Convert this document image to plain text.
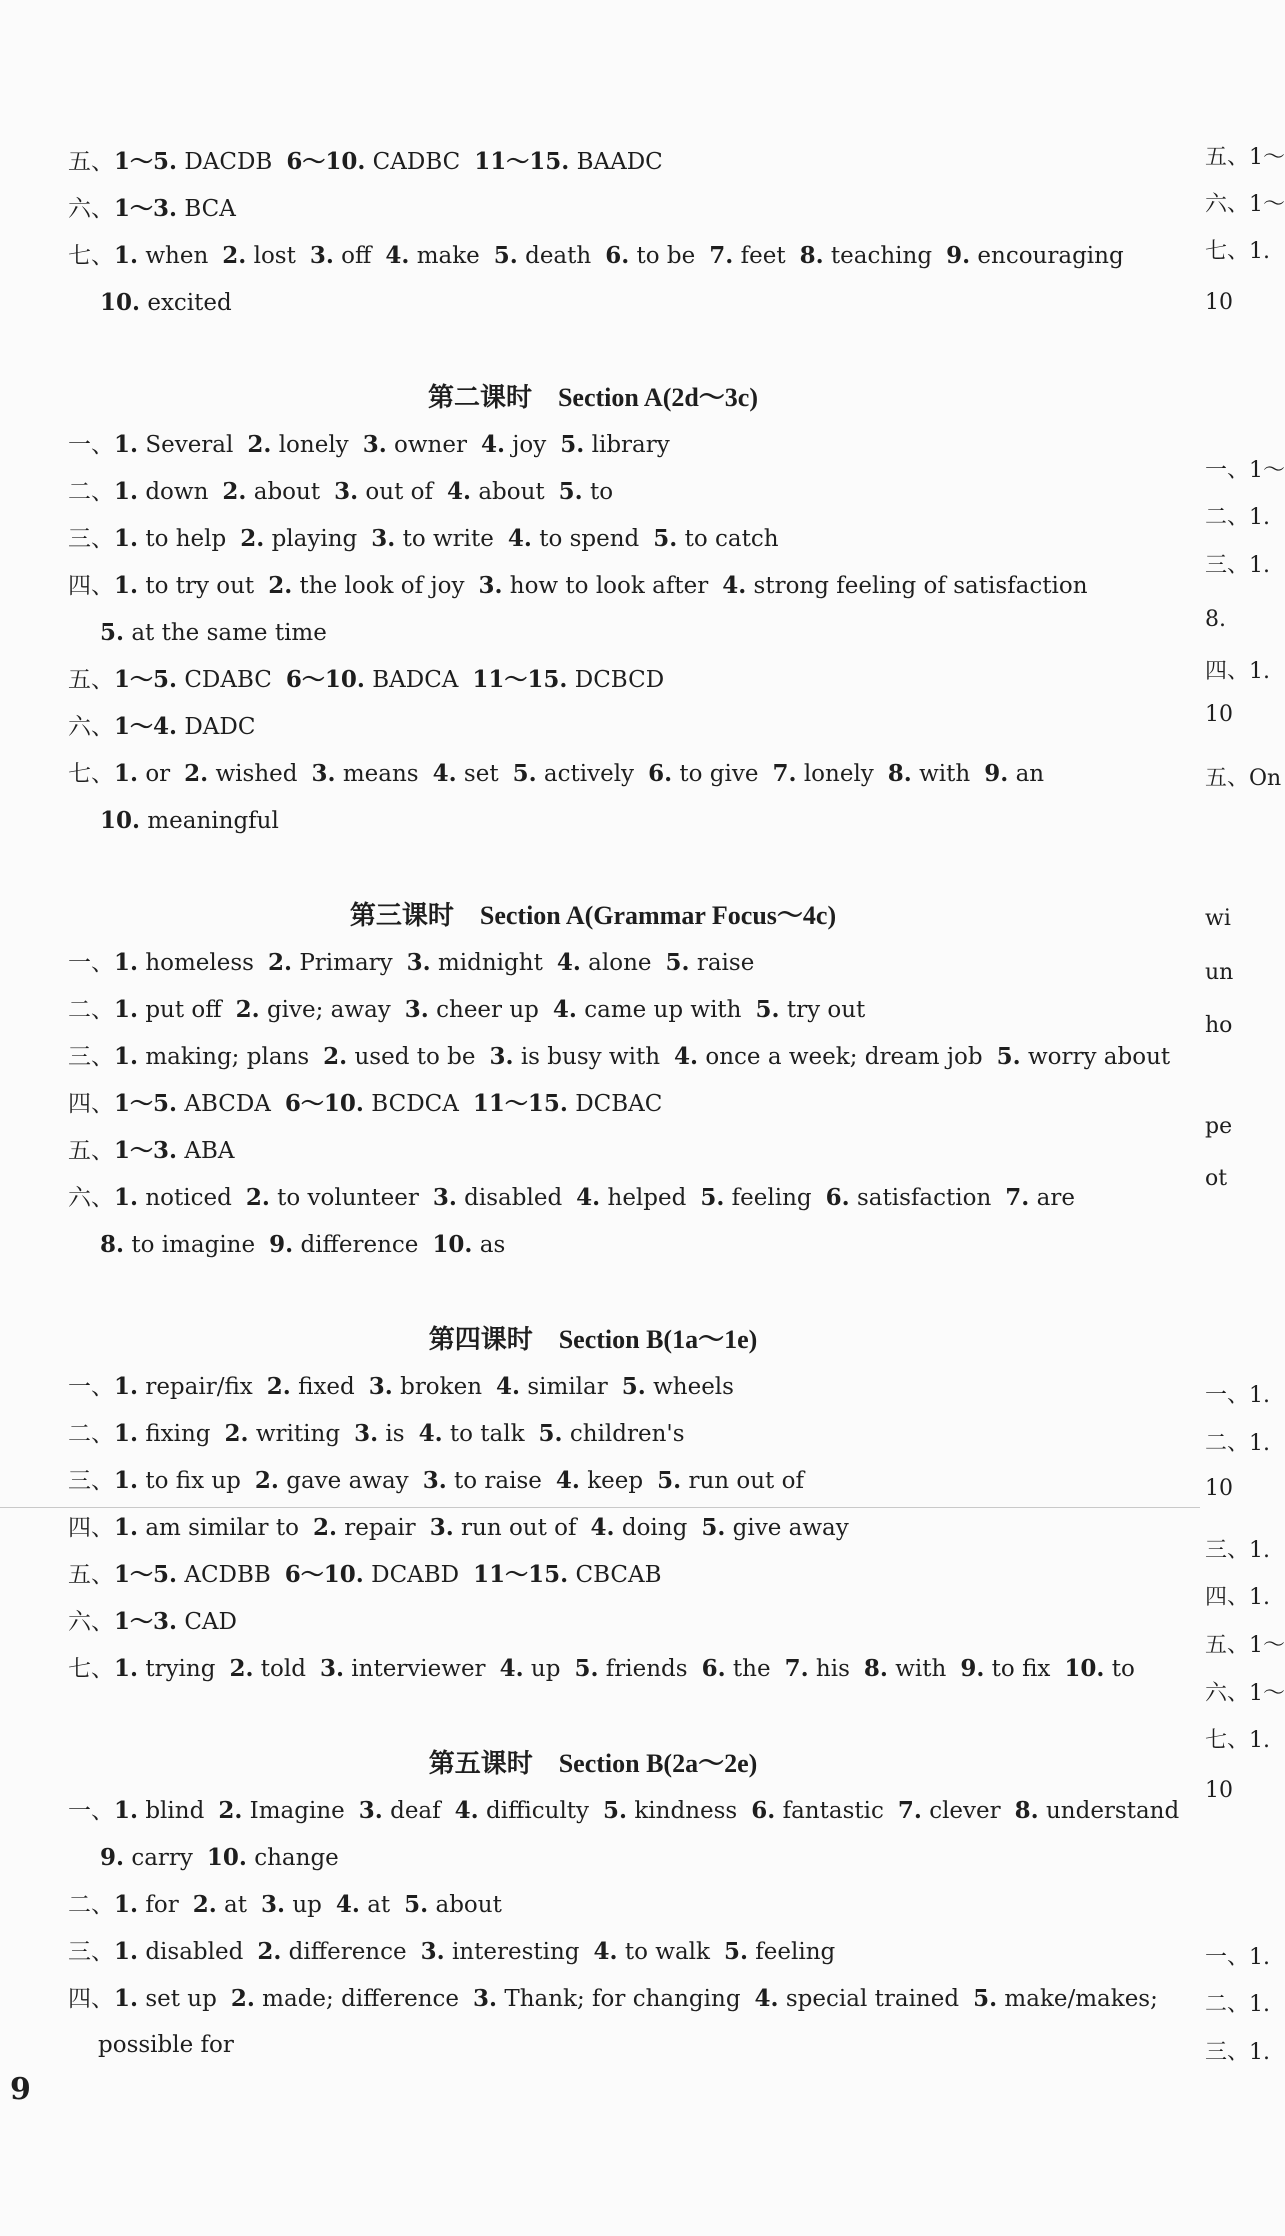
五、1～5. DACDB 6～10. CADBC 11～15. BAADC
六、1～3. BCA
七、1. when 2. lost 3. off 4. make 5. death 6. to be 7. feet 8. teaching 9. encouraging
10. excited
第二课时　Section A(2d～3c)
一、1. Several 2. lonely 3. owner 4. joy 5. library
二、1. down 2. about 3. out of 4. about 5. to
三、1. to help 2. playing 3. to write 4. to spend 5. to catch
四、1. to try out 2. the look of joy 3. how to look after 4. strong feeling of satisfaction
5. at the same time
五、1～5. CDABC 6～10. BADCA 11～15. DCBCD
六、1～4. DADC
七、1. or 2. wished 3. means 4. set 5. actively 6. to give 7. lonely 8. with 9. an
10. meaningful
第三课时　Section A(Grammar Focus～4c)
一、1. homeless 2. Primary 3. midnight 4. alone 5. raise
二、1. put off 2. give; away 3. cheer up 4. came up with 5. try out
三、1. making; plans 2. used to be 3. is busy with 4. once a week; dream job 5. worry about
四、1～5. ABCDA 6～10. BCDCA 11～15. DCBAC
五、1～3. ABA
六、1. noticed 2. to volunteer 3. disabled 4. helped 5. feeling 6. satisfaction 7. are
8. to imagine 9. difference 10. as
第四课时　Section B(1a～1e)
一、1. repair/fix 2. fixed 3. broken 4. similar 5. wheels
二、1. fixing 2. writing 3. is 4. to talk 5. children's
三、1. to fix up 2. gave away 3. to raise 4. keep 5. run out of
四、1. am similar to 2. repair 3. run out of 4. doing 5. give away
五、1～5. ACDBB 6～10. DCABD 11～15. CBCAB
六、1～3. CAD
七、1. trying 2. told 3. interviewer 4. up 5. friends 6. the 7. his 8. with 9. to fix 10. to
第五课时　Section B(2a～2e)
一、1. blind 2. Imagine 3. deaf 4. difficulty 5. kindness 6. fantastic 7. clever 8. understand
9. carry 10. change
二、1. for 2. at 3. up 4. at 5. about
三、1. disabled 2. difference 3. interesting 4. to walk 5. feeling
四、1. set up 2. made; difference 3. Thank; for changing 4. special trained 5. make/makes;
possible for
五、1～
六、1～
七、1.
10
一、1～
二、1.
三、1.
8.
四、1.
10
五、On
wi
un
ho
pe
ot
一、1.
二、1.
10
三、1.
四、1.
五、1～
六、1～
七、1.
10
一、1.
二、1.
三、1.
9
